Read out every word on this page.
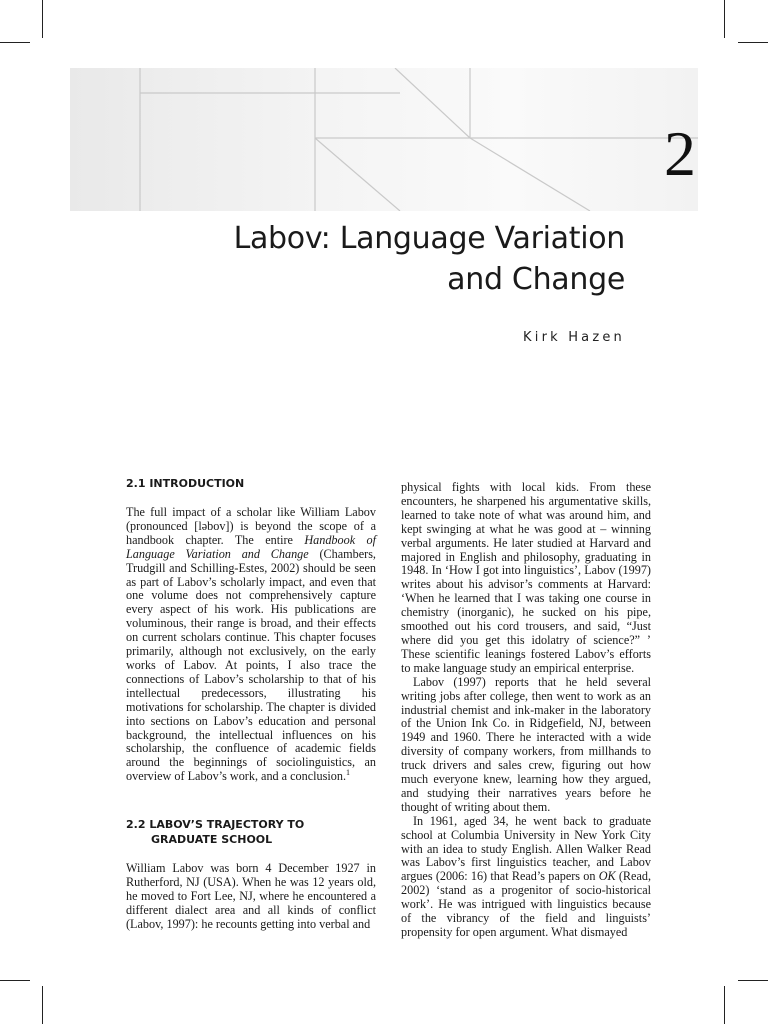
2
Labov: Language Variation
and Change
Kirk Hazen
2.1 INTRODUCTION

The full impact of a scholar like William Labov (pronounced [ləbov]) is beyond the scope of a handbook chapter. The entire Handbook of Language Variation and Change (Chambers, Trudgill and Schilling-Estes, 2002) should be seen as part of Labov’s scholarly impact, and even that one volume does not comprehensively capture every aspect of his work. His publications are voluminous, their range is broad, and their effects on current scholars continue. This chapter focuses primarily, although not exclusively, on the early works of Labov. At points, I also trace the connections of Labov’s scholarship to that of his intellectual predecessors, illustrating his motivations for scholarship. The chapter is divided into sections on Labov’s education and personal background, the intellectual influences on his scholarship, the confluence of academic fields around the beginnings of sociolinguistics, an overview of Labov’s work, and a conclusion.$^1$

2.2 LABOV’S TRAJECTORY TO
GRADUATE SCHOOL

William Labov was born 4 December 1927 in Rutherford, NJ (USA). When he was 12 years old, he moved to Fort Lee, NJ, where he encountered a different dialect area and all kinds of conflict (Labov, 1997): he recounts getting into verbal and

physical fights with local kids. From these encounters, he sharpened his argumentative skills, learned to take note of what was around him, and kept swinging at what he was good at – winning verbal arguments. He later studied at Harvard and majored in English and philosophy, graduating in 1948. In ‘How I got into linguistics’, Labov (1997) writes about his advisor’s comments at Harvard: ‘When he learned that I was taking one course in chemistry (inorganic), he sucked on his pipe, smoothed out his cord trousers, and said, “Just where did you get this idolatry of science?” ’ These scientific leanings fostered Labov’s efforts to make language study an empirical enterprise.

Labov (1997) reports that he held several writing jobs after college, then went to work as an industrial chemist and ink-maker in the laboratory of the Union Ink Co. in Ridgefield, NJ, between 1949 and 1960. There he interacted with a wide diversity of company workers, from millhands to truck drivers and sales crew, figuring out how much everyone knew, learning how they argued, and studying their narratives years before he thought of writing about them.

In 1961, aged 34, he went back to graduate school at Columbia University in New York City with an idea to study English. Allen Walker Read was Labov’s first linguistics teacher, and Labov argues (2006: 16) that Read’s papers on OK (Read, 2002) ‘stand as a progenitor of socio-historical work’. He was intrigued with linguistics because of the vibrancy of the field and linguists’ propensity for open argument. What dismayed
